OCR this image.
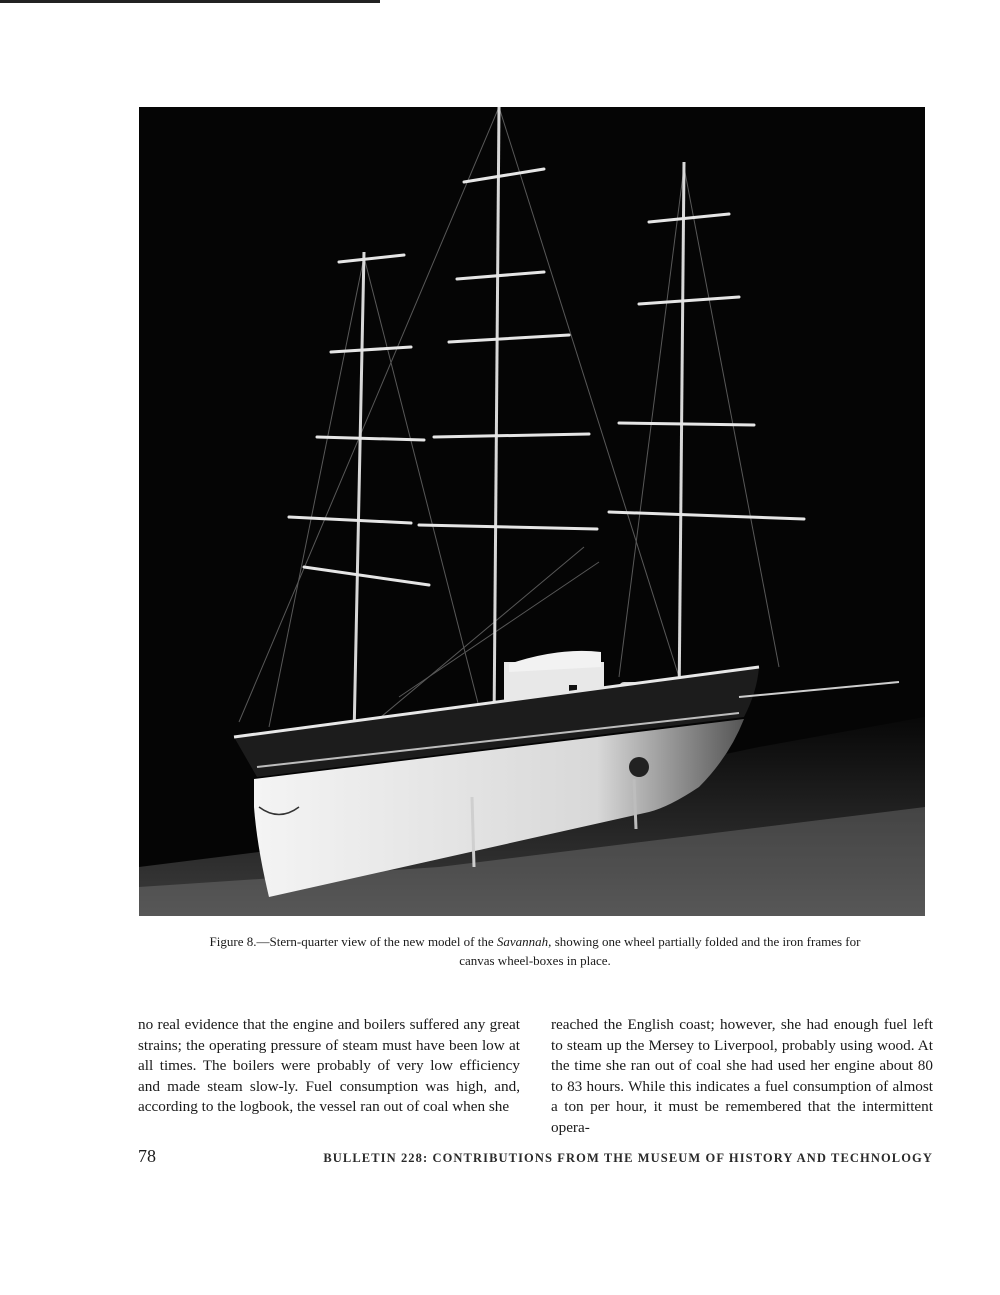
Figure 8.—Stern-quarter view of the new model of the Savannah, showing one wheel partially folded and the iron frames for canvas wheel-boxes in place.
no real evidence that the engine and boilers suffered any great strains; the operating pressure of steam must have been low at all times. The boilers were probably of very low efficiency and made steam slow-ly. Fuel consumption was high, and, according to the logbook, the vessel ran out of coal when she
reached the English coast; however, she had enough fuel left to steam up the Mersey to Liverpool, probably using wood. At the time she ran out of coal she had used her engine about 80 to 83 hours. While this indicates a fuel consumption of almost a ton per hour, it must be remembered that the intermittent opera-
78	BULLETIN 228: CONTRIBUTIONS FROM THE MUSEUM OF HISTORY AND TECHNOLOGY
